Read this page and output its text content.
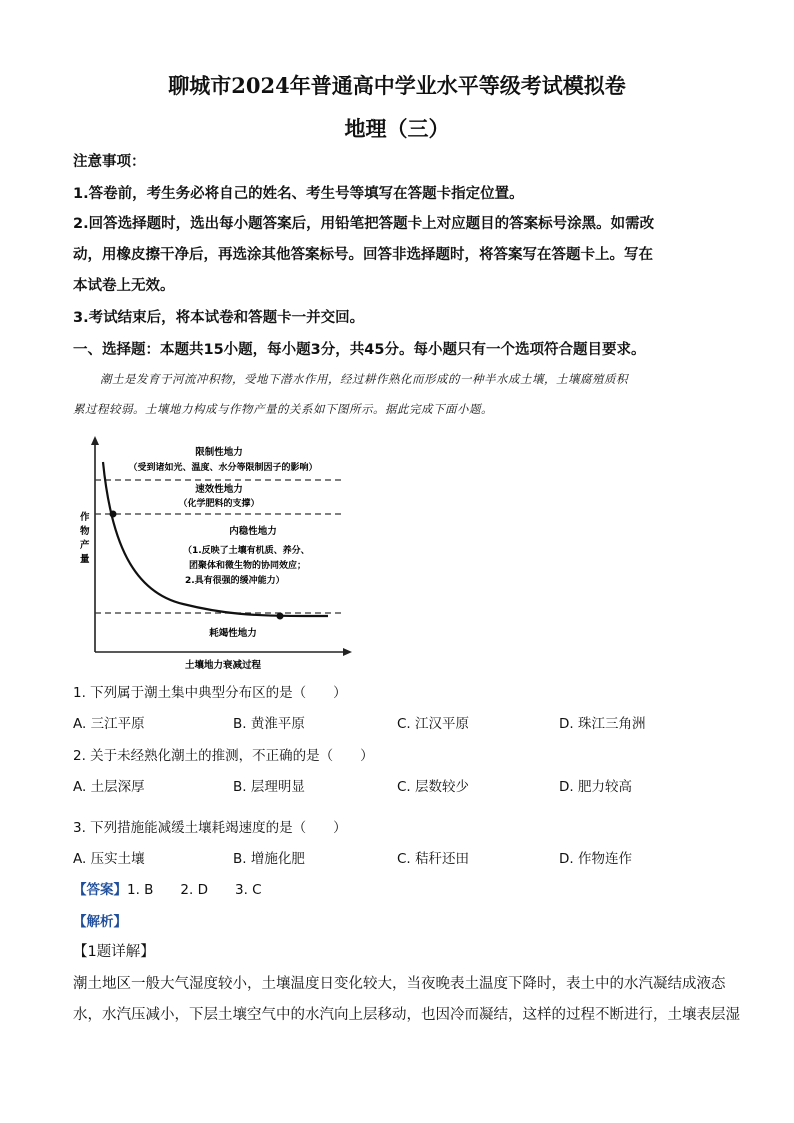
聊城市2024年普通高中学业水平等级考试模拟卷
地理（三）
注意事项：
1.答卷前，考生务必将自己的姓名、考生号等填写在答题卡指定位置。
2.回答选择题时，选出每小题答案后，用铅笔把答题卡上对应题目的答案标号涂黑。如需改
动，用橡皮擦干净后，再选涂其他答案标号。回答非选择题时，将答案写在答题卡上。写在
本试卷上无效。
3.考试结束后，将本试卷和答题卡一并交回。
一、选择题：本题共15小题，每小题3分，共45分。每小题只有一个选项符合题目要求。
潮土是发育于河流冲积物，受地下潜水作用，经过耕作熟化而形成的一种半水成土壤，土壤腐殖质积
累过程较弱。土壤地力构成与作物产量的关系如下图所示。据此完成下面小题。
限制性地力
（受到诸如光、温度、水分等限制因子的影响）
速效性地力
（化学肥料的支撑）
内稳性地力
（1.反映了土壤有机质、养分、
团聚体和微生物的协同效应；
2.具有很强的缓冲能力）
耗竭性地力
作
物
产
量
土壤地力衰减过程
1. 下列属于潮土集中典型分布区的是（　　）
A. 三江平原	B. 黄淮平原	C. 江汉平原	D. 珠江三角洲
2. 关于未经熟化潮土的推测，不正确的是（　　）
A. 土层深厚	B. 层理明显	C. 层数较少	D. 肥力较高
3. 下列措施能减缓土壤耗竭速度的是（　　）
A. 压实土壤	B. 增施化肥	C. 秸秆还田	D. 作物连作
【答案】1. B　　2. D　　3. C
【解析】
【1题详解】
潮土地区一般大气湿度较小，土壤温度日变化较大，当夜晚表土温度下降时，表土中的水汽凝结成液态
水，水汽压减小，下层土壤空气中的水汽向上层移动，也因冷而凝结，这样的过程不断进行，土壤表层湿
